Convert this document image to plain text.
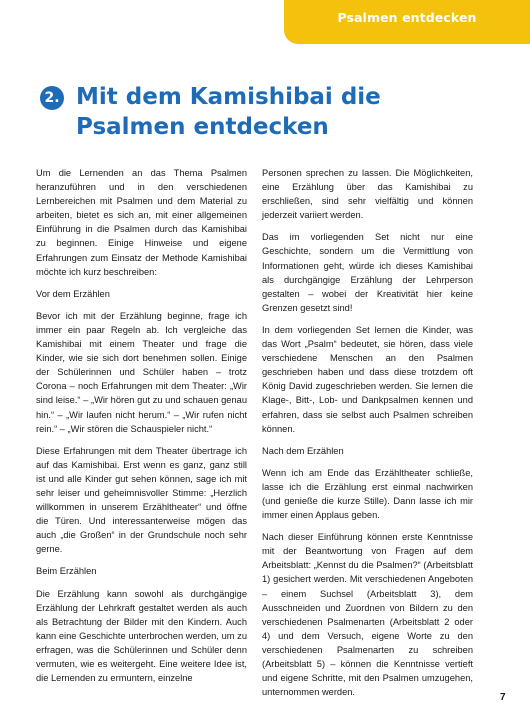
Psalmen entdecken
2. Mit dem Kamishibai die Psalmen entdecken

Um die Lernenden an das Thema Psalmen heranzuführen und in den verschiedenen Lernbereichen mit Psalmen und dem Material zu arbeiten, bietet es sich an, mit einer allgemeinen Einführung in die Psalmen durch das Kamishibai zu beginnen. Einige Hinweise und eigene Erfahrungen zum Einsatz der Methode Kamishibai möchte ich kurz beschreiben:

Vor dem Erzählen

Bevor ich mit der Erzählung beginne, frage ich immer ein paar Regeln ab. Ich vergleiche das Kamishibai mit einem Theater und frage die Kinder, wie sie sich dort benehmen sollen. Einige der Schülerinnen und Schüler haben – trotz Corona – noch Erfahrungen mit dem Theater: „Wir sind leise.“ – „Wir hören gut zu und schauen genau hin.“ – „Wir laufen nicht herum.“ – „Wir rufen nicht rein.“ – „Wir stören die Schauspieler nicht.“

Diese Erfahrungen mit dem Theater übertrage ich auf das Kamishibai. Erst wenn es ganz, ganz still ist und alle Kinder gut sehen können, sage ich mit sehr leiser und geheimnisvoller Stimme: „Herzlich willkommen in unserem Erzähltheater“ und öffne die Türen. Und interessanterweise mögen das auch „die Großen“ in der Grundschule noch sehr gerne.

Beim Erzählen

Die Erzählung kann sowohl als durchgängige Erzählung der Lehrkraft gestaltet werden als auch als Betrachtung der Bilder mit den Kindern. Auch kann eine Geschichte unterbrochen werden, um zu erfragen, was die Schülerinnen und Schüler denn vermuten, wie es weitergeht. Eine weitere Idee ist, die Lernenden zu ermuntern, einzelne

Personen sprechen zu lassen. Die Möglichkeiten, eine Erzählung über das Kamishibai zu erschließen, sind sehr vielfältig und können jederzeit variiert werden.

Das im vorliegenden Set nicht nur eine Geschichte, sondern um die Vermittlung von Informationen geht, würde ich dieses Kamishibai als durchgängige Erzählung der Lehrperson gestalten – wobei der Kreativität hier keine Grenzen gesetzt sind!

In dem vorliegenden Set lernen die Kinder, was das Wort „Psalm“ bedeutet, sie hören, dass viele verschiedene Menschen an den Psalmen geschrieben haben und dass diese trotzdem oft König David zugeschrieben werden. Sie lernen die Klage-, Bitt-, Lob- und Dankpsalmen kennen und erfahren, dass sie selbst auch Psalmen schreiben können.

Nach dem Erzählen

Wenn ich am Ende das Erzähltheater schließe, lasse ich die Erzählung erst einmal nachwirken (und genieße die kurze Stille). Dann lasse ich mir immer einen Applaus geben.

Nach dieser Einführung können erste Kenntnisse mit der Beantwortung von Fragen auf dem Arbeitsblatt: „Kennst du die Psalmen?“ (Arbeitsblatt 1) gesichert werden. Mit verschiedenen Angeboten – einem Suchsel (Arbeitsblatt 3), dem Ausschneiden und Zuordnen von Bildern zu den verschiedenen Psalmenarten (Arbeitsblatt 2 oder 4) und dem Versuch, eigene Worte zu den verschiedenen Psalmenarten zu schreiben (Arbeitsblatt 5) – können die Kenntnisse vertieft und eigene Schritte, mit den Psalmen umzugehen, unternommen werden.	7
